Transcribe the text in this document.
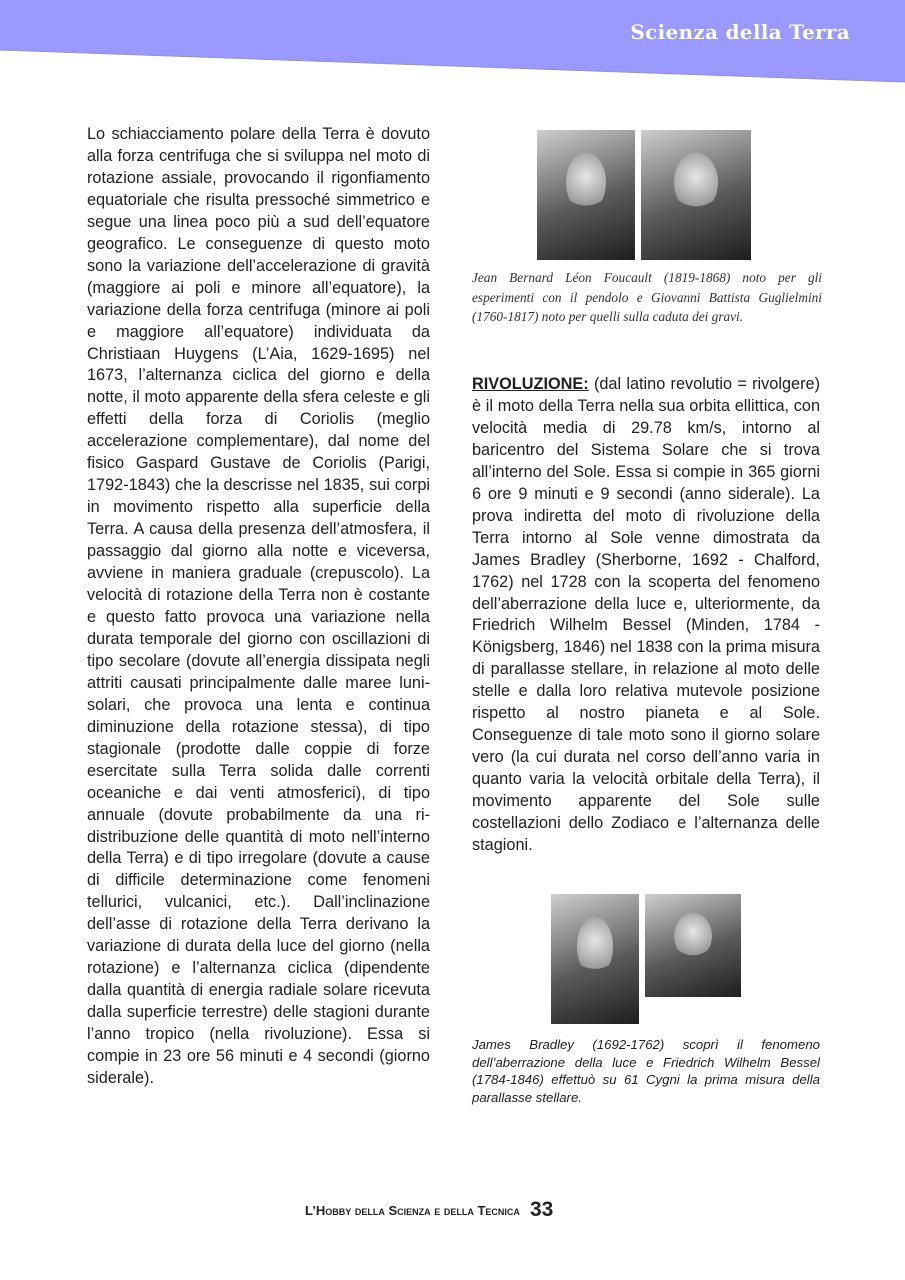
Scienza della Terra
Lo schiacciamento polare della Terra è dovuto alla forza centrifuga che si sviluppa nel moto di rotazione assiale, provocando il rigonfiamento equatoriale che risulta pressoché simmetrico e segue una linea poco più a sud dell’equatore geografico. Le conseguenze di questo moto sono la variazione dell’accelerazione di gravità (maggiore ai poli e minore all’equatore), la variazione della forza centrifuga (minore ai poli e maggiore all’equatore) individuata da Christiaan Huygens (L’Aia, 1629-1695) nel 1673, l’alternanza ciclica del giorno e della notte, il moto apparente della sfera celeste e gli effetti della forza di Coriolis (meglio accelerazione complementare), dal nome del fisico Gaspard Gustave de Coriolis (Parigi, 1792-1843) che la descrisse nel 1835, sui corpi in movimento rispetto alla superficie della Terra. A causa della presenza dell’atmosfera, il passaggio dal giorno alla notte e viceversa, avviene in maniera graduale (crepuscolo). La velocità di rotazione della Terra non è costante e questo fatto provoca una variazione nella durata temporale del giorno con oscillazioni di tipo secolare (dovute all’energia dissipata negli attriti causati principalmente dalle maree luni-solari, che provoca una lenta e continua diminuzione della rotazione stessa), di tipo stagionale (prodotte dalle coppie di forze esercitate sulla Terra solida dalle correnti oceaniche e dai venti atmosferici), di tipo annuale (dovute probabilmente da una ri-distribuzione delle quantità di moto nell’interno della Terra) e di tipo irregolare (dovute a cause di difficile determinazione come fenomeni tellurici, vulcanici, etc.). Dall’inclinazione dell’asse di rotazione della Terra derivano la variazione di durata della luce del giorno (nella rotazione) e l’alternanza ciclica (dipendente dalla quantità di energia radiale solare ricevuta dalla superficie terrestre) delle stagioni durante l’anno tropico (nella rivoluzione). Essa si compie in 23 ore 56 minuti e 4 secondi (giorno siderale).
Jean Bernard Léon Foucault (1819-1868) noto per gli esperimenti con il pendolo e Giovanni Battista Guglielmini (1760-1817) noto per quelli sulla caduta dei gravi.
RIVOLUZIONE: (dal latino revolutio = rivolgere) è il moto della Terra nella sua orbita ellittica, con velocità media di 29.78 km/s, intorno al baricentro del Sistema Solare che si trova all’interno del Sole. Essa si compie in 365 giorni 6 ore 9 minuti e 9 secondi (anno siderale). La prova indiretta del moto di rivoluzione della Terra intorno al Sole venne dimostrata da James Bradley (Sherborne, 1692 - Chalford, 1762) nel 1728 con la scoperta del fenomeno dell’aberrazione della luce e, ulteriormente, da Friedrich Wilhelm Bessel (Minden, 1784 - Königsberg, 1846) nel 1838 con la prima misura di parallasse stellare, in relazione al moto delle stelle e dalla loro relativa mutevole posizione rispetto al nostro pianeta e al Sole. Conseguenze di tale moto sono il giorno solare vero (la cui durata nel corso dell’anno varia in quanto varia la velocità orbitale della Terra), il movimento apparente del Sole sulle costellazioni dello Zodiaco e l’alternanza delle stagioni.
James Bradley (1692-1762) scoprì il fenomeno dell’aberrazione della luce e Friedrich Wilhelm Bessel (1784-1846) effettuò su 61 Cygni la prima misura della parallasse stellare.
L’Hobby della Scienza e della Tecnica 33
